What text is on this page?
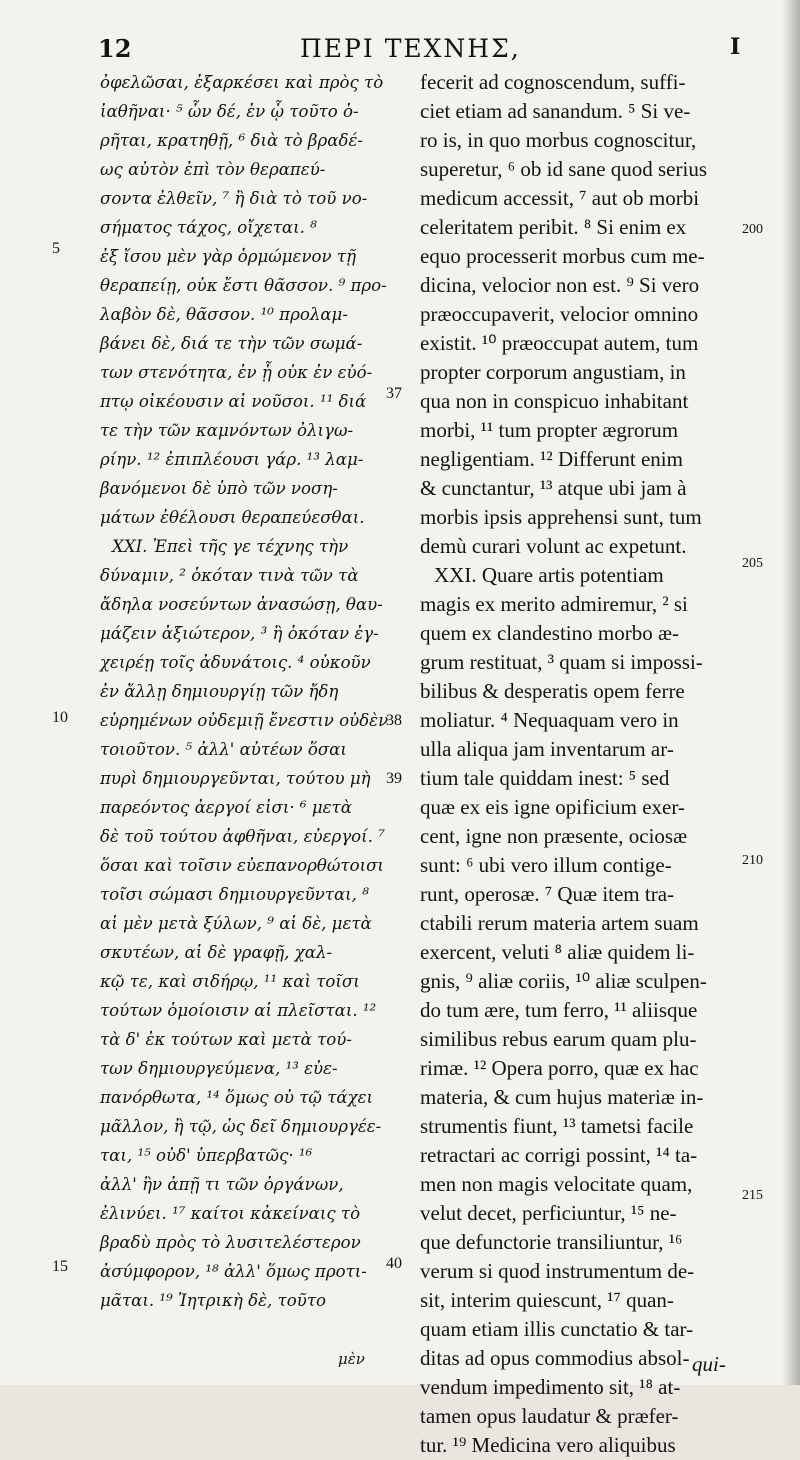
12	ΠΕΡΙ ΤΕΧΝΗΣ,	I
ὀφελῶσαι, ἐξαρκέσει καὶ πρὸς τὸ
ἰαθῆναι· ⁵ ὧν δέ, ἐν ᾧ τοῦτο ὁ-
ρῆται, κρατηθῇ, ⁶ διὰ τὸ βραδέ-
ως αὐτὸν ἐπὶ τὸν θεραπεύ-
σοντα ἐλθεῖν, ⁷ ἢ διὰ τὸ τοῦ νο-
σήματος τάχος, οἴχεται. ⁸
ἐξ ἴσου μὲν γὰρ ὁρμώμενον τῇ
θεραπείῃ, οὐκ ἔστι θᾶσσον. ⁹ προ-
λαβὸν δὲ, θᾶσσον. ¹⁰ προλαμ-
βάνει δὲ, διά τε τὴν τῶν σωμά-
των στενότητα, ἐν ᾗ οὐκ ἐν εὐό-
πτῳ οἰκέουσιν αἱ νοῦσοι. ¹¹ διά
τε τὴν τῶν καμνόντων ὀλιγω-
ρίην. ¹² ἐπιπλέουσι γάρ. ¹³ λαμ-
βανόμενοι δὲ ὑπὸ τῶν νοση-
μάτων ἐθέλουσι θεραπεύεσθαι.
XXI. Ἐπεὶ τῆς γε τέχνης τὴν
δύναμιν, ² ὁκόταν τινὰ τῶν τὰ
ἄδηλα νοσεύντων ἀνασώσῃ, θαυ-
μάζειν ἀξιώτερον, ³ ἢ ὁκόταν ἐγ-
χειρέῃ τοῖς ἀδυνάτοις. ⁴ οὐκοῦν
ἐν ἄλλῃ δημιουργίῃ τῶν ἤδη
εὑρημένων οὐδεμιῇ ἔνεστιν οὐδὲν
τοιοῦτον. ⁵ ἀλλ' αὐτέων ὅσαι
πυρὶ δημιουργεῦνται, τούτου μὴ
παρεόντος ἀεργοί εἰσι· ⁶ μετὰ
δὲ τοῦ τούτου ἀφθῆναι, εὐεργοί. ⁷
ὅσαι καὶ τοῖσιν εὐεπανορθώτοισι
τοῖσι σώμασι δημιουργεῦνται, ⁸
αἱ μὲν μετὰ ξύλων, ⁹ αἱ δὲ, μετὰ
σκυτέων, αἱ δὲ γραφῇ, χαλ-
κῷ τε, καὶ σιδήρῳ, ¹¹ καὶ τοῖσι
τούτων ὁμοίοισιν αἱ πλεῖσται. ¹²
τὰ δ' ἐκ τούτων καὶ μετὰ τού-
των δημιουργεύμενα, ¹³ εὐε-
πανόρθωτα, ¹⁴ ὅμως οὐ τῷ τάχει
μᾶλλον, ἢ τῷ, ὡς δεῖ δημιουργέε-
ται, ¹⁵ οὐδ' ὑπερβατῶς· ¹⁶
ἀλλ' ἢν ἀπῇ τι τῶν ὀργάνων,
ἐλινύει. ¹⁷ καίτοι κἀκείναις τὸ
βραδὺ πρὸς τὸ λυσιτελέστερον
ἀσύμφορον, ¹⁸ ἀλλ' ὅμως προτι-
μᾶται. ¹⁹ Ἰητρικὴ δὲ, τοῦτο
fecerit ad cognoscendum, suffi-
ciet etiam ad sanandum. ⁵ Si ve-
ro is, in quo morbus cognoscitur,
superetur, ⁶ ob id sane quod serius
medicum accessit, ⁷ aut ob morbi
celeritatem peribit. ⁸ Si enim ex
equo processerit morbus cum me-
dicina, velocior non est. ⁹ Si vero
præoccupaverit, velocior omnino
existit. ¹⁰ præoccupat autem, tum
propter corporum angustiam, in
qua non in conspicuo inhabitant
morbi, ¹¹ tum propter ægrorum
negligentiam. ¹² Differunt enim
& cunctantur, ¹³ atque ubi jam à
morbis ipsis apprehensi sunt, tum
demù curari volunt ac expetunt.
XXI. Quare artis potentiam
magis ex merito admiremur, ² si
quem ex clandestino morbo æ-
grum restituat, ³ quam si impossi-
bilibus & desperatis opem ferre
moliatur. ⁴ Nequaquam vero in
ulla aliqua jam inventarum ar-
tium tale quiddam inest: ⁵ sed
quæ ex eis igne opificium exer-
cent, igne non præsente, ociosæ
sunt: ⁶ ubi vero illum contige-
runt, operosæ. ⁷ Quæ item tra-
ctabili rerum materia artem suam
exercent, veluti ⁸ aliæ quidem li-
gnis, ⁹ aliæ coriis, ¹⁰ aliæ sculpen-
do tum ære, tum ferro, ¹¹ aliisque
similibus rebus earum quam plu-
rimæ. ¹² Opera porro, quæ ex hac
materia, & cum hujus materiæ in-
strumentis fiunt, ¹³ tametsi facile
retractari ac corrigi possint, ¹⁴ ta-
men non magis velocitate quam,
velut decet, perficiuntur, ¹⁵ ne-
que defunctorie transiliuntur, ¹⁶
verum si quod instrumentum de-
sit, interim quiescunt, ¹⁷ quan-
quam etiam illis cunctatio & tar-
ditas ad opus commodius absol-
vendum impedimento sit, ¹⁸ at-
tamen opus laudatur & præfer-
tur. ¹⁹ Medicina vero aliquibus
5
10
15
37
38
39
40
200
205
210
215
μὲν	qui-
